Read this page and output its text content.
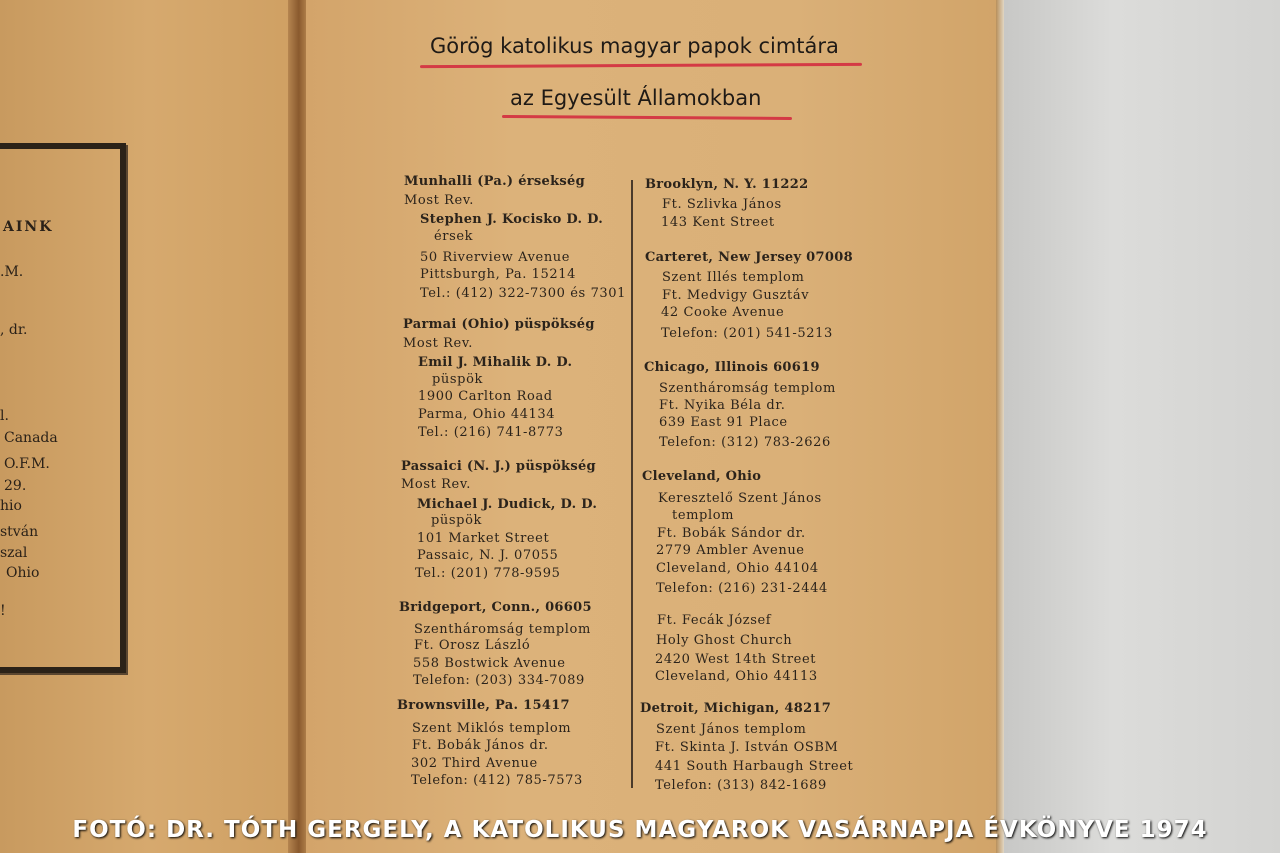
AINK
.M.
, dr.
l.
Canada
O.F.M.
29.
hio
stván
szal
Ohio
!
Görög katolikus magyar papok cimtára
az Egyesült Államokban
Munhalli (Pa.) érsekség
Most Rev.
Stephen J. Kocisko D. D.
érsek
50 Riverview Avenue
Pittsburgh, Pa. 15214
Tel.: (412) 322-7300 és 7301
Parmai (Ohio) püspökség
Most Rev.
Emil J. Mihalik D. D.
püspök
1900 Carlton Road
Parma, Ohio 44134
Tel.: (216) 741-8773
Passaici (N. J.) püspökség
Most Rev.
Michael J. Dudick, D. D.
püspök
101 Market Street
Passaic, N. J. 07055
Tel.: (201) 778-9595
Bridgeport, Conn., 06605
Szentháromság templom
Ft. Orosz László
558 Bostwick Avenue
Telefon: (203) 334-7089
Brownsville, Pa. 15417
Szent Miklós templom
Ft. Bobák János dr.
302 Third Avenue
Telefon: (412) 785-7573
Brooklyn, N. Y. 11222
Ft. Szlivka János
143 Kent Street
Carteret, New Jersey 07008
Szent Illés templom
Ft. Medvigy Gusztáv
42 Cooke Avenue
Telefon: (201) 541-5213
Chicago, Illinois 60619
Szentháromság templom
Ft. Nyika Béla dr.
639 East 91 Place
Telefon: (312) 783-2626
Cleveland, Ohio
Keresztelő Szent János
templom
Ft. Bobák Sándor dr.
2779 Ambler Avenue
Cleveland, Ohio 44104
Telefon: (216) 231-2444
Ft. Fecák József
Holy Ghost Church
2420 West 14th Street
Cleveland, Ohio 44113
Detroit, Michigan, 48217
Szent János templom
Ft. Skinta J. István OSBM
441 South Harbaugh Street
Telefon: (313) 842-1689
FOTÓ: DR. TÓTH GERGELY, A KATOLIKUS MAGYAROK VASÁRNAPJA ÉVKÖNYVE 1974
